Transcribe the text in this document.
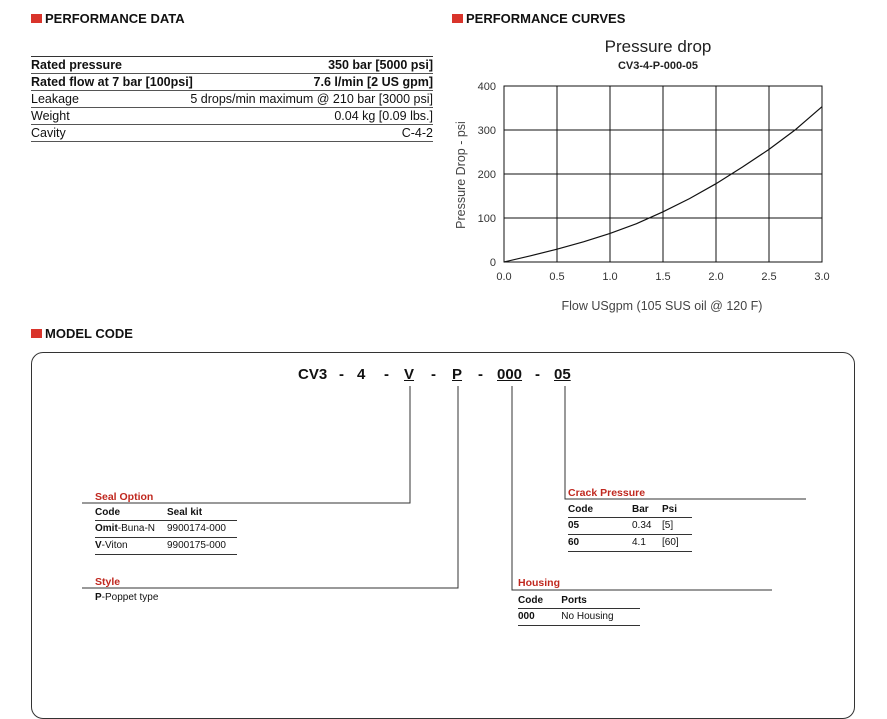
PERFORMANCE DATA	PERFORMANCE CURVES
MODEL CODE
Rated pressure	350 bar [5000 psi]
Rated flow at 7 bar [100psi]	7.6 l/min [2 US gpm]
Leakage	5 drops/min maximum @ 210 bar [3000 psi]
Weight	0.04 kg [0.09 lbs.]
Cavity	C-4-2
Pressure drop
CV3-4-P-000-05
Pressure Drop - psi
Flow USgpm (105 SUS oil @ 120 F)
0.0	0.5	1.0	1.5	2.0	2.5	3.0
0
100
200
300
400
CV3 - 4 - V - P - 000 - 05
Seal Option
Code	Seal kit
Omit-Buna-N	9900174-000
V-Viton	9900175-000
Style
P-Poppet type
Crack Pressure
Code	Bar	Psi
05	0.34	[5]
60	4.1	[60]
Housing
Code	Ports
000	No Housing
